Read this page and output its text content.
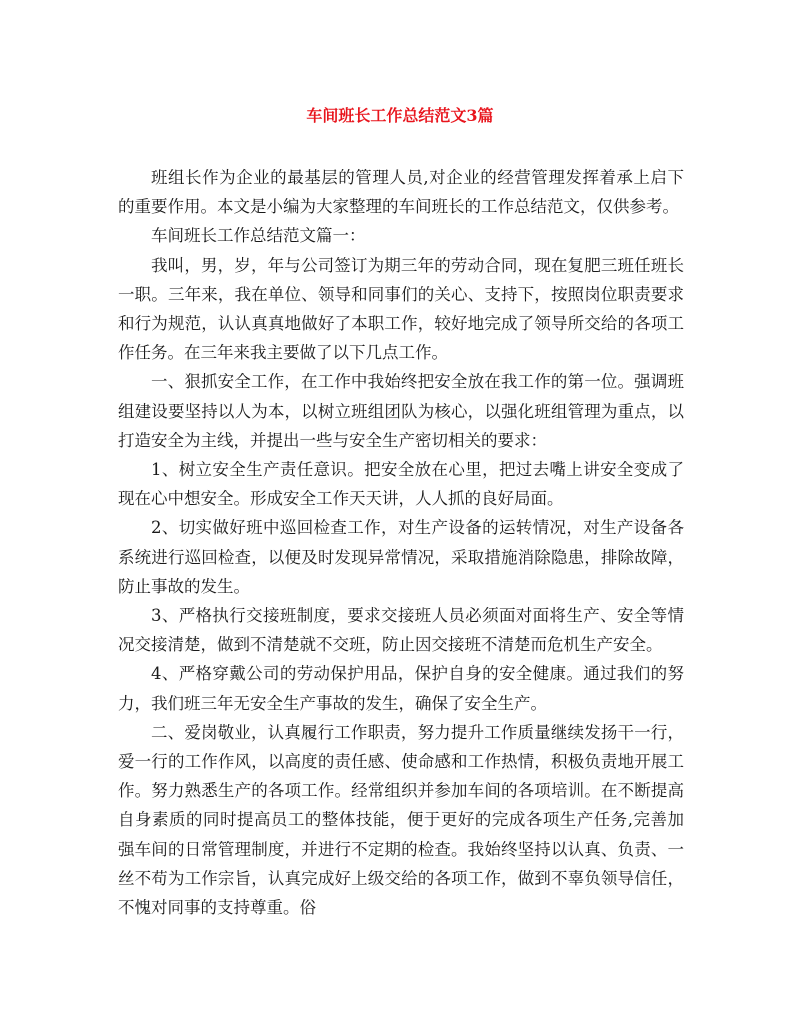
车间班长工作总结范文3篇

班组长作为企业的最基层的管理人员,对企业的经营管理发挥着承上启下的重要作用。本文是小编为大家整理的车间班长的工作总结范文，仅供参考。

车间班长工作总结范文篇一：

我叫，男，岁，年与公司签订为期三年的劳动合同，现在复肥三班任班长一职。三年来，我在单位、领导和同事们的关心、支持下，按照岗位职责要求和行为规范，认认真真地做好了本职工作，较好地完成了领导所交给的各项工作任务。在三年来我主要做了以下几点工作。

一、狠抓安全工作，在工作中我始终把安全放在我工作的第一位。强调班组建设要坚持以人为本，以树立班组团队为核心，以强化班组管理为重点，以打造安全为主线，并提出一些与安全生产密切相关的要求：

1、树立安全生产责任意识。把安全放在心里，把过去嘴上讲安全变成了现在心中想安全。形成安全工作天天讲，人人抓的良好局面。

2、切实做好班中巡回检查工作，对生产设备的运转情况，对生产设备各系统进行巡回检查，以便及时发现异常情况，采取措施消除隐患，排除故障，防止事故的发生。

3、严格执行交接班制度，要求交接班人员必须面对面将生产、安全等情况交接清楚，做到不清楚就不交班，防止因交接班不清楚而危机生产安全。

4、严格穿戴公司的劳动保护用品，保护自身的安全健康。通过我们的努力，我们班三年无安全生产事故的发生，确保了安全生产。

二、爱岗敬业，认真履行工作职责，努力提升工作质量继续发扬干一行，爱一行的工作作风，以高度的责任感、使命感和工作热情，积极负责地开展工作。努力熟悉生产的各项工作。经常组织并参加车间的各项培训。在不断提高自身素质的同时提高员工的整体技能，便于更好的完成各项生产任务,完善加强车间的日常管理制度，并进行不定期的检查。我始终坚持以认真、负责、一丝不苟为工作宗旨，认真完成好上级交给的各项工作，做到不辜负领导信任，不愧对同事的支持尊重。俗
